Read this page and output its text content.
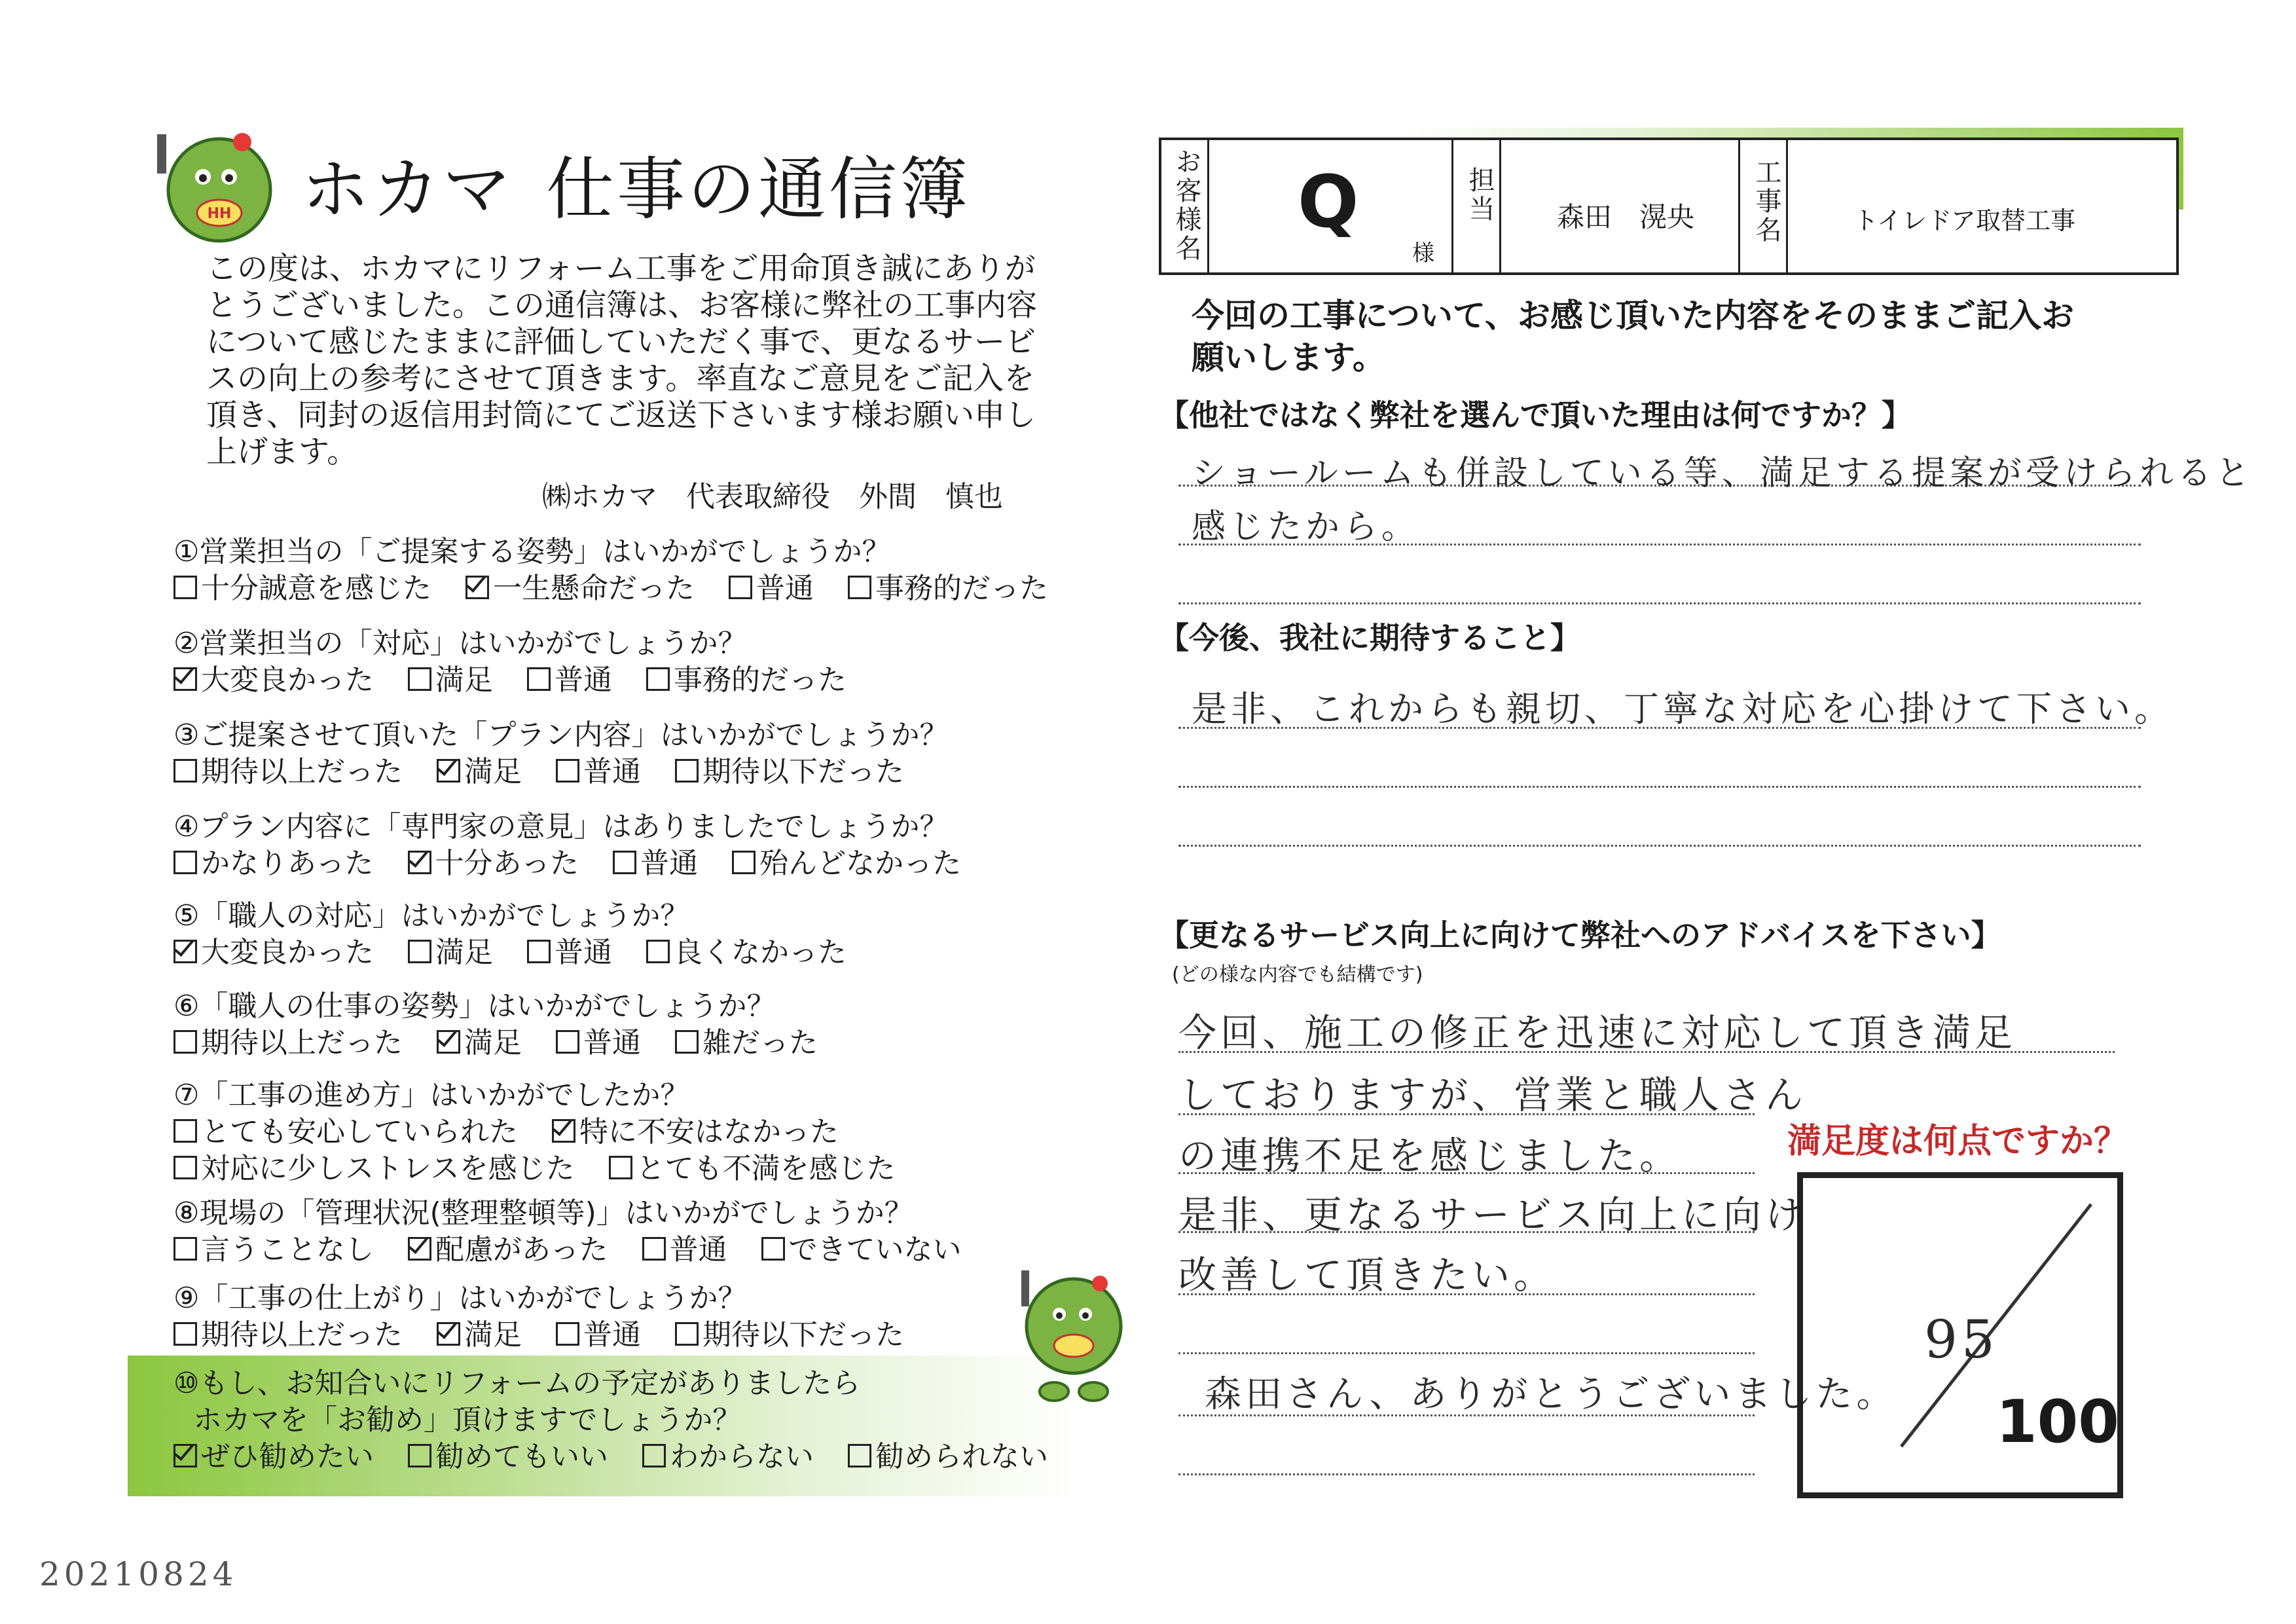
HH ホカマ 仕事の通信簿
この度は、ホカマにリフォーム工事をご用命頂き誠にありがとうございました。この通信簿は、お客様に弊社の工事内容について感じたままに評価していただく事で、更なるサービスの向上の参考にさせて頂きます。率直なご意見をご記入を頂き、同封の返信用封筒にてご返送下さいます様お願い申し上げます。
㈱ホカマ　代表取締役　外間　慎也
①営業担当の「ご提案する姿勢」はいかがでしょうか？
十分誠意を感じた 一生懸命だった 普通 事務的だった
②営業担当の「対応」はいかがでしょうか？
大変良かった 満足 普通 事務的だった
③ご提案させて頂いた「プラン内容」はいかがでしょうか？
期待以上だった 満足 普通 期待以下だった
④プラン内容に「専門家の意見」はありましたでしょうか？
かなりあった 十分あった 普通 殆んどなかった
⑤「職人の対応」はいかがでしょうか？
大変良かった 満足 普通 良くなかった
⑥「職人の仕事の姿勢」はいかがでしょうか？
期待以上だった 満足 普通 雑だった
⑦「工事の進め方」はいかがでしたか？
とても安心していられた 特に不安はなかった
対応に少しストレスを感じた とても不満を感じた
⑧現場の「管理状況(整理整頓等)」はいかがでしょうか？
言うことなし 配慮があった 普通 できていない
⑨「工事の仕上がり」はいかがでしょうか？
期待以上だった 満足 普通 期待以下だった
⑩もし、お知合いにリフォームの予定がありましたら
ホカマを「お勧め」頂けますでしょうか？
ぜひ勧めたい 勧めてもいい わからない 勧められない
20210824
お客様名 Q
様
担当 森田　滉央 工事名	トイレドア取替工事
今回の工事について、お感じ頂いた内容をそのままご記入お願いします。
【他社ではなく弊社を選んで頂いた理由は何ですか？】
ショールームも併設している等、満足する提案が受けられると
感じたから。
【今後、我社に期待すること】
是非、これからも親切、丁寧な対応を心掛けて下さい。
【更なるサービス向上に向けて弊社へのアドバイスを下さい】
(どの様な内容でも結構です)
今回、施工の修正を迅速に対応して頂き満足
しておりますが、営業と職人さん
の連携不足を感じました。
是非、更なるサービス向上に向け
改善して頂きたい。
森田さん、ありがとうございました。
満足度は何点ですか？
95
100
